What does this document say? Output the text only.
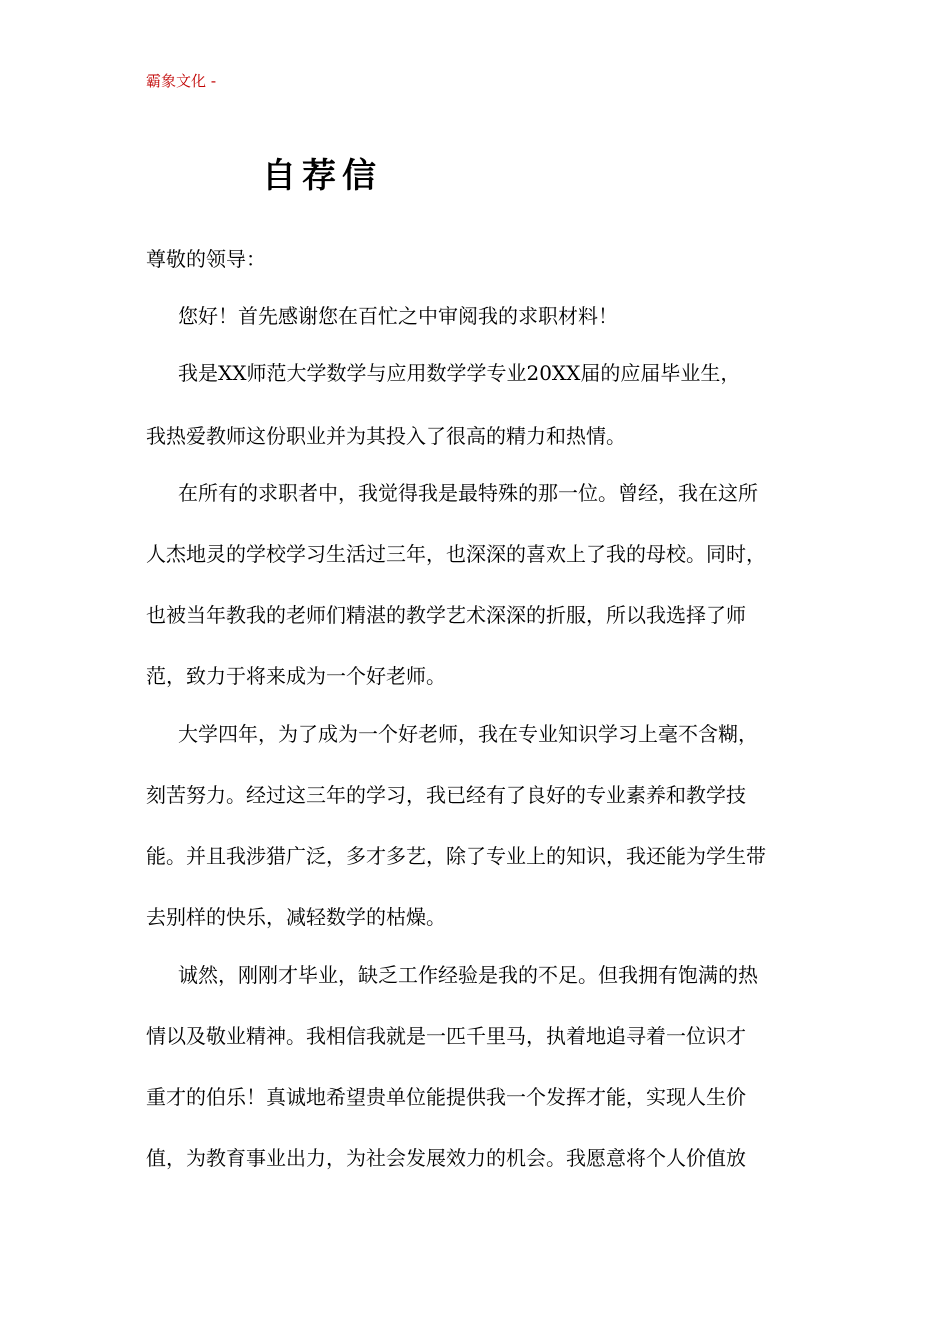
霸象文化 -
自荐信
尊敬的领导：
您好！首先感谢您在百忙之中审阅我的求职材料！
我是XX师范大学数学与应用数学学专业20XX届的应届毕业生，
我热爱教师这份职业并为其投入了很高的精力和热情。
在所有的求职者中，我觉得我是最特殊的那一位。曾经，我在这所
人杰地灵的学校学习生活过三年，也深深的喜欢上了我的母校。同时，
也被当年教我的老师们精湛的教学艺术深深的折服，所以我选择了师
范，致力于将来成为一个好老师。
大学四年，为了成为一个好老师，我在专业知识学习上毫不含糊，
刻苦努力。经过这三年的学习，我已经有了良好的专业素养和教学技
能。并且我涉猎广泛，多才多艺，除了专业上的知识，我还能为学生带
去别样的快乐，减轻数学的枯燥。
诚然，刚刚才毕业，缺乏工作经验是我的不足。但我拥有饱满的热
情以及敬业精神。我相信我就是一匹千里马，执着地追寻着一位识才
重才的伯乐！真诚地希望贵单位能提供我一个发挥才能，实现人生价
值，为教育事业出力，为社会发展效力的机会。我愿意将个人价值放
